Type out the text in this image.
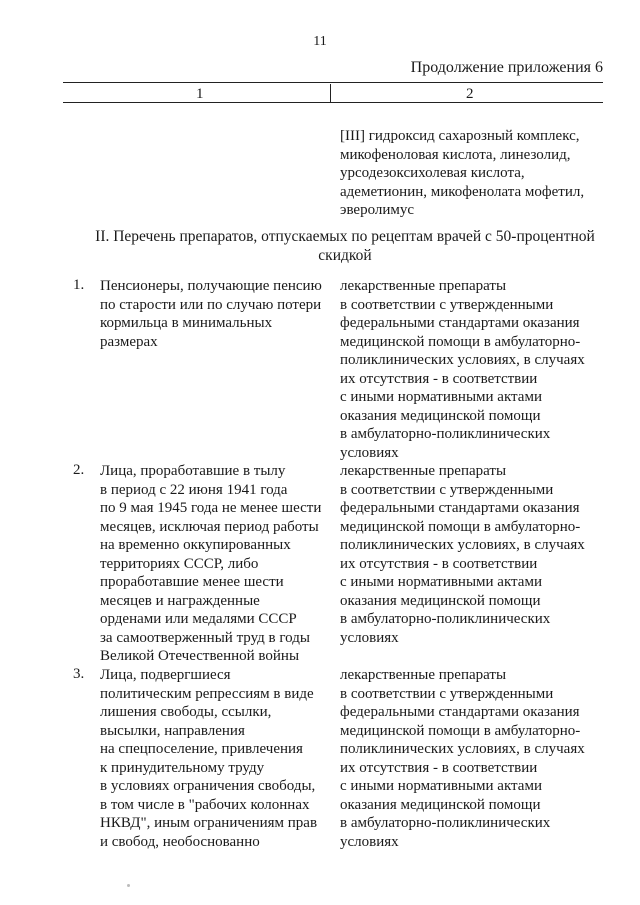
11
Продолжение приложения 6
1	2
[III] гидроксид сахарозный комплекс,
микофеноловая кислота, линезолид,
урсодезоксихолевая кислота,
адеметионин, микофенолата мофетил,
эверолимус
II. Перечень препаратов, отпускаемых по рецептам врачей с 50-процентной
скидкой
1. Пенсионеры, получающие пенсию
по старости или по случаю потери
кормильца в минимальных
размерах
лекарственные препараты
в соответствии с утвержденными
федеральными стандартами оказания
медицинской помощи в амбулаторно-
поликлинических условиях, в случаях
их отсутствия - в соответствии
с иными нормативными актами
оказания медицинской помощи
в амбулаторно-поликлинических
условиях
2. Лица, проработавшие в тылу
в период с 22 июня 1941 года
по 9 мая 1945 года не менее шести
месяцев, исключая период работы
на временно оккупированных
территориях СССР, либо
проработавшие менее шести
месяцев и награжденные
орденами или медалями СССР
за самоотверженный труд в годы
Великой Отечественной войны
лекарственные препараты
в соответствии с утвержденными
федеральными стандартами оказания
медицинской помощи в амбулаторно-
поликлинических условиях, в случаях
их отсутствия - в соответствии
с иными нормативными актами
оказания медицинской помощи
в амбулаторно-поликлинических
условиях
3. Лица, подвергшиеся
политическим репрессиям в виде
лишения свободы, ссылки,
высылки, направления
на спецпоселение, привлечения
к принудительному труду
в условиях ограничения свободы,
в том числе в "рабочих колоннах
НКВД", иным ограничениям прав
и свобод, необоснованно
лекарственные препараты
в соответствии с утвержденными
федеральными стандартами оказания
медицинской помощи в амбулаторно-
поликлинических условиях, в случаях
их отсутствия - в соответствии
с иными нормативными актами
оказания медицинской помощи
в амбулаторно-поликлинических
условиях
